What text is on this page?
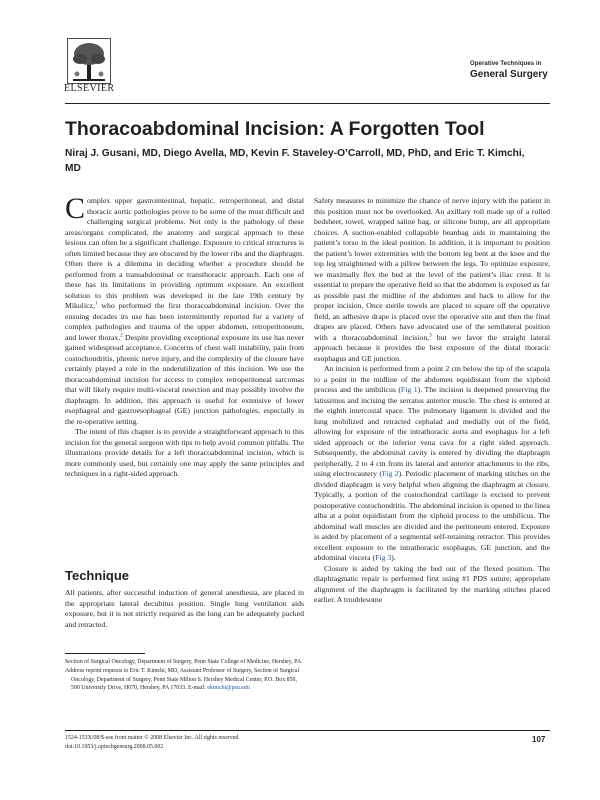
ELSEVIER
Operative Techniques in
General Surgery
Thoracoabdominal Incision: A Forgotten Tool
Niraj J. Gusani, MD, Diego Avella, MD, Kevin F. Staveley-O’Carroll, MD, PhD, and Eric T. Kimchi, MD

Complex upper gastrointestinal, hepatic, retroperitoneal, and distal thoracic aortic pathologies prove to be some of the most difficult and challenging surgical problems. Not only is the pathology of these areas/organs complicated, the anatomy and surgical approach to these lesions can often be a significant challenge. Exposure to critical structures is often limited because they are obscured by the lower ribs and the diaphragm. Often there is a dilemma in deciding whether a procedure should be performed from a transabdominal or transthoracic approach. Each one of these has its limitations in providing optimum exposure. An excellent solution to this problem was developed in the late 19th century by Mikulicz,$^1$ who performed the first thoracoabdominal incision. Over the ensuing decades its use has been intermittently reported for a variety of complex pathologies and trauma of the upper abdomen, retroperitoneum, and lower thorax.$^2$ Despite providing exceptional exposure its use has never gained widespread acceptance. Concerns of chest wall instability, pain from costochondritis, phrenic nerve injury, and the complexity of the closure have certainly played a role in the underutilization of this incision. We use the thoracoabdominal incision for access to complex retroperitoneal sarcomas that will likely require multi-visceral resection and may possibly involve the diaphragm. In addition, this approach is useful for extensive of lower esophageal and gastroesophageal (GE) junction pathologies, especially in the re-operative setting.

The intent of this chapter is to provide a straightforward approach to this incision for the general surgeon with tips to help avoid common pitfalls. The illustrations provide details for a left thoracoabdominal incision, which is more commonly used, but certainly one may apply the same principles and techniques in a right-sided approach.

Technique

All patients, after successful induction of general anesthesia, are placed in the appropriate lateral decubitus position. Single lung ventilation aids exposure, but it is not strictly required as the lung can be adequately packed and retracted.

Section of Surgical Oncology, Department of Surgery, Penn State College of Medicine, Hershey, PA.

Address reprint requests to Eric T. Kimchi, MD, Assistant Professor of Surgery, Section of Surgical Oncology, Department of Surgery, Penn State Milton S. Hershey Medical Center, P.O. Box 850, 500 University Drive, H070, Hershey, PA 17033. E-mail: ekimchi@psu.edu

Safety measures to minimize the chance of nerve injury with the patient in this position must not be overlooked. An axillary roll made up of a rolled bedsheet, towel, wrapped saline bag, or silicone bump, are all appropriate choices. A suction-enabled collapsible beanbag aids in maintaining the patient’s torso in the ideal position. In addition, it is important to position the patient’s lower extremities with the bottom leg bent at the knee and the top leg straightened with a pillow between the legs. To optimize exposure, we maximally flex the bed at the level of the patient’s iliac crest. It is essential to prepare the operative field so that the abdomen is exposed as far as possible past the midline of the abdomen and back to allow for the proper incision. Once sterile towels are placed to square off the operative field, an adhesive drape is placed over the operative site and then the final drapes are placed. Others have advocated use of the semilateral position with a thoracoabdominal incision,$^3$ but we favor the straight lateral approach because it provides the best exposure of the distal thoracic esophagus and GE junction.

An incision is performed from a point 2 cm below the tip of the scapula to a point in the midline of the abdomen equidistant from the xiphoid process and the umbilicus (Fig 1). The incision is deepened preserving the latissimus and incising the serratus anterior muscle. The chest is entered at the eighth intercostal space. The pulmonary ligament is divided and the lung mobilized and retracted cephalad and medially out of the field, allowing for exposure of the intrathoracic aorta and esophagus for a left sided approach or the inferior vena cava for a right sided approach. Subsequently, the abdominal cavity is entered by dividing the diaphragm peripherally, 2 to 4 cm from its lateral and anterior attachments to the ribs, using electrocautery (Fig 2). Periodic placement of marking stitches on the divided diaphragm is very helpful when aligning the diaphragm at closure. Typically, a portion of the costochondral cartilage is excised to prevent postoperative costochondritis. The abdominal incision is opened to the linea alba at a point equidistant from the xiphoid process to the umbilicus. The abdominal wall muscles are divided and the peritoneum entered. Exposure is aided by placement of a segmental self-retaining retractor. This provides excellent exposure to the intrathoracic esophagus, GE junction, and the abdominal viscera (Fig 3).

Closure is aided by taking the bed out of the flexed position. The diaphragmatic repair is performed first using #1 PDS suture; appropriate alignment of the diaphragm is facilitated by the marking stitches placed earlier. A troublesome

1524-153X/08/$-see front matter © 2008 Elsevier Inc. All rights reserved.
doi:10.1053/j.optechgensurg.2008.05.002
107
